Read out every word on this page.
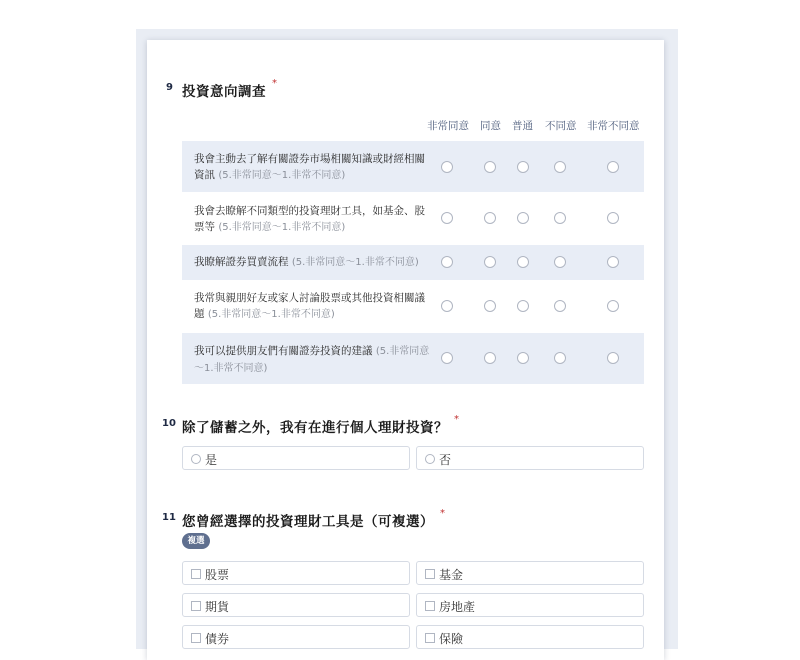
9 投資意向調查*
非常同意 同意 普通 不同意 非常不同意
我會主動去了解有關證券市場相關知識或財經相關資訊 (5.非常同意～1.非常不同意)
我會去瞭解不同類型的投資理財工具，如基金、股票等 (5.非常同意～1.非常不同意)
我瞭解證券買賣流程 (5.非常同意～1.非常不同意)
我常與親朋好友或家人討論股票或其他投資相關議題 (5.非常同意～1.非常不同意)
我可以提供朋友們有關證券投資的建議 (5.非常同意～1.非常不同意)
10 除了儲蓄之外，我有在進行個人理財投資？*
是	否
11 您曾經選擇的投資理財工具是（可複選）*
複選
股票	基金
期貨	房地產
債券	保險
